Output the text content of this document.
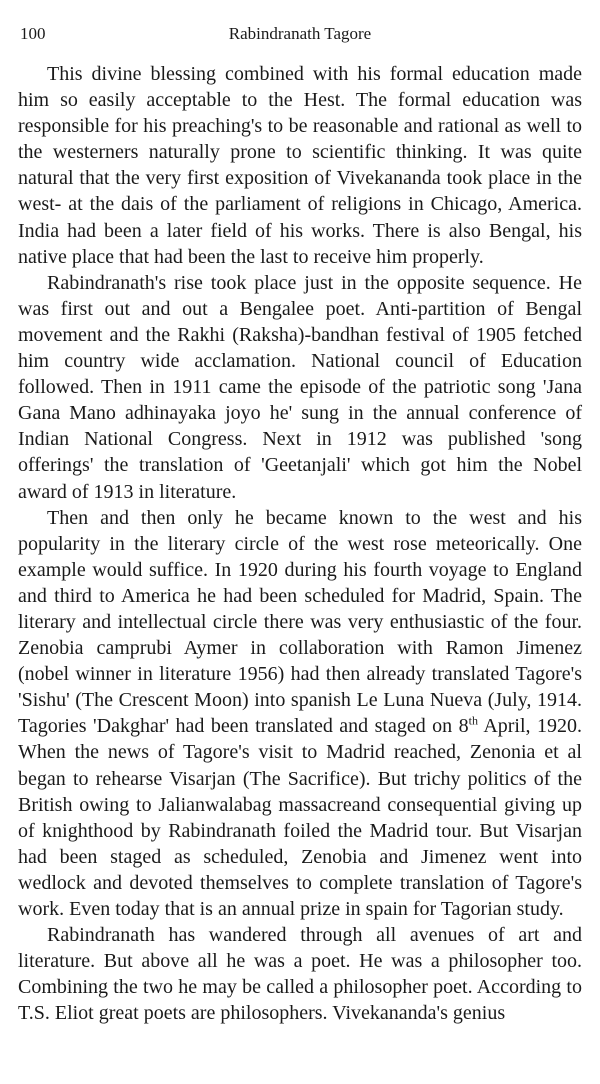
100	Rabindranath Tagore

This divine blessing combined with his formal education made him so easily acceptable to the Hest. The formal education was responsible for his preaching's to be reasonable and rational as well to the westerners naturally prone to scientific thinking. It was quite natural that the very first exposition of Vivekananda took place in the west- at the dais of the parliament of religions in Chicago, America. India had been a later field of his works. There is also Bengal, his native place that had been the last to receive him properly.

Rabindranath's rise took place just in the opposite sequence. He was first out and out a Bengalee poet. Anti-partition of Bengal movement and the Rakhi (Raksha)-bandhan festival of 1905 fetched him country wide acclamation. National council of Education followed. Then in 1911 came the episode of the patriotic song 'Jana Gana Mano adhinayaka joyo he' sung in the annual conference of Indian National Congress. Next in 1912 was published 'song offerings' the translation of 'Geetanjali' which got him the Nobel award of 1913 in literature.

Then and then only he became known to the west and his popularity in the literary circle of the west rose meteorically. One example would suffice. In 1920 during his fourth voyage to England and third to America he had been scheduled for Madrid, Spain. The literary and intellectual circle there was very enthusiastic of the four. Zenobia camprubi Aymer in collaboration with Ramon Jimenez (nobel winner in literature 1956) had then already translated Tagore's 'Sishu' (The Crescent Moon) into spanish Le Luna Nueva (July, 1914. Tagories 'Dakghar' had been translated and staged on 8th April, 1920. When the news of Tagore's visit to Madrid reached, Zenonia et al began to rehearse Visarjan (The Sacrifice). But trichy politics of the British owing to Jalianwalabag massacreand consequential giving up of knighthood by Rabindranath foiled the Madrid tour. But Visarjan had been staged as scheduled, Zenobia and Jimenez went into wedlock and devoted themselves to complete translation of Tagore's work. Even today that is an annual prize in spain for Tagorian study.

Rabindranath has wandered through all avenues of art and literature. But above all he was a poet. He was a philosopher too. Combining the two he may be called a philosopher poet. According to T.S. Eliot great poets are philosophers. Vivekananda's genius
